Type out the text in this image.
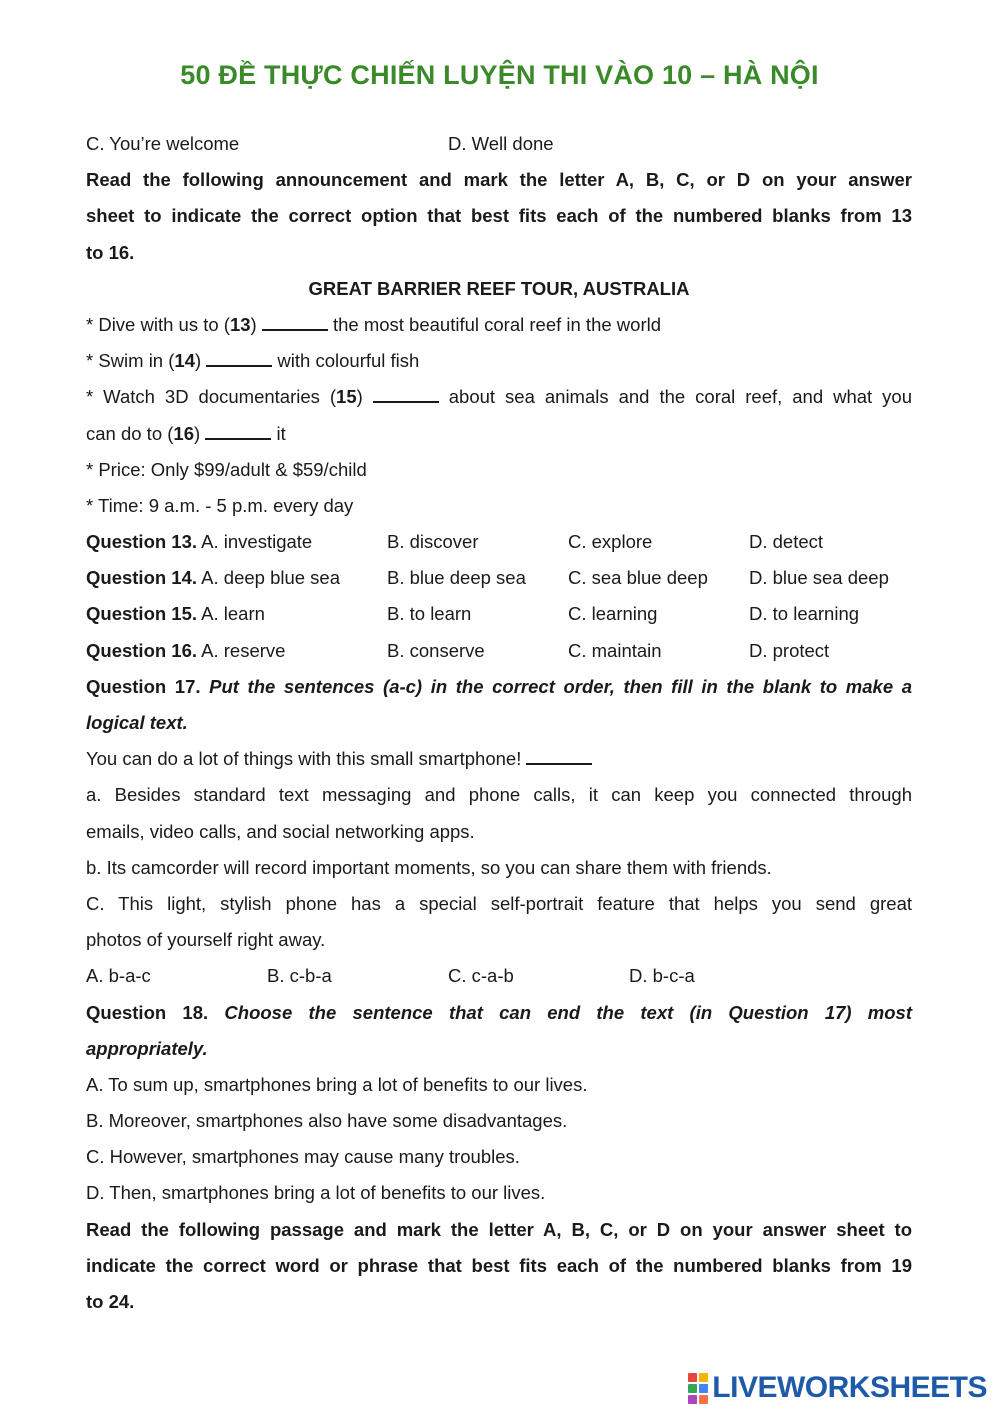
50 ĐỀ THỰC CHIẾN LUYỆN THI VÀO 10 – HÀ NỘI
C. You’re welcome	D. Well done
Read the following announcement and mark the letter A, B, C, or D on your answer
sheet to indicate the correct option that best fits each of the numbered blanks from 13
to 16.
GREAT BARRIER REEF TOUR, AUSTRALIA
* Dive with us to (13)	the most beautiful coral reef in the world
* Swim in (14)	with colourful fish
* Watch 3D documentaries (15)	about sea animals and the coral reef, and what you
can do to (16)	it
* Price: Only $99/adult & $59/child
* Time: 9 a.m. - 5 p.m. every day
Question 13. A. investigate	B. discover	C. explore	D. detect
Question 14. A. deep blue sea	B. blue deep sea	C. sea blue deep	D. blue sea deep
Question 15. A. learn	B. to learn	C. learning	D. to learning
Question 16. A. reserve	B. conserve	C. maintain	D. protect
Question 17. Put the sentences (a-c) in the correct order, then fill in the blank to make a
logical text.
You can do a lot of things with this small smartphone!
a. Besides standard text messaging and phone calls, it can keep you connected through
emails, video calls, and social networking apps.
b. Its camcorder will record important moments, so you can share them with friends.
C. This light, stylish phone has a special self-portrait feature that helps you send great
photos of yourself right away.
A. b-a-c	B. c-b-a	C. c-a-b	D. b-c-a
Question 18. Choose the sentence that can end the text (in Question 17) most
appropriately.
A. To sum up, smartphones bring a lot of benefits to our lives.
B. Moreover, smartphones also have some disadvantages.
C. However, smartphones may cause many troubles.
D. Then, smartphones bring a lot of benefits to our lives.
Read the following passage and mark the letter A, B, C, or D on your answer sheet to
indicate the correct word or phrase that best fits each of the numbered blanks from 19
to 24.
LIVEWORKSHEETS
